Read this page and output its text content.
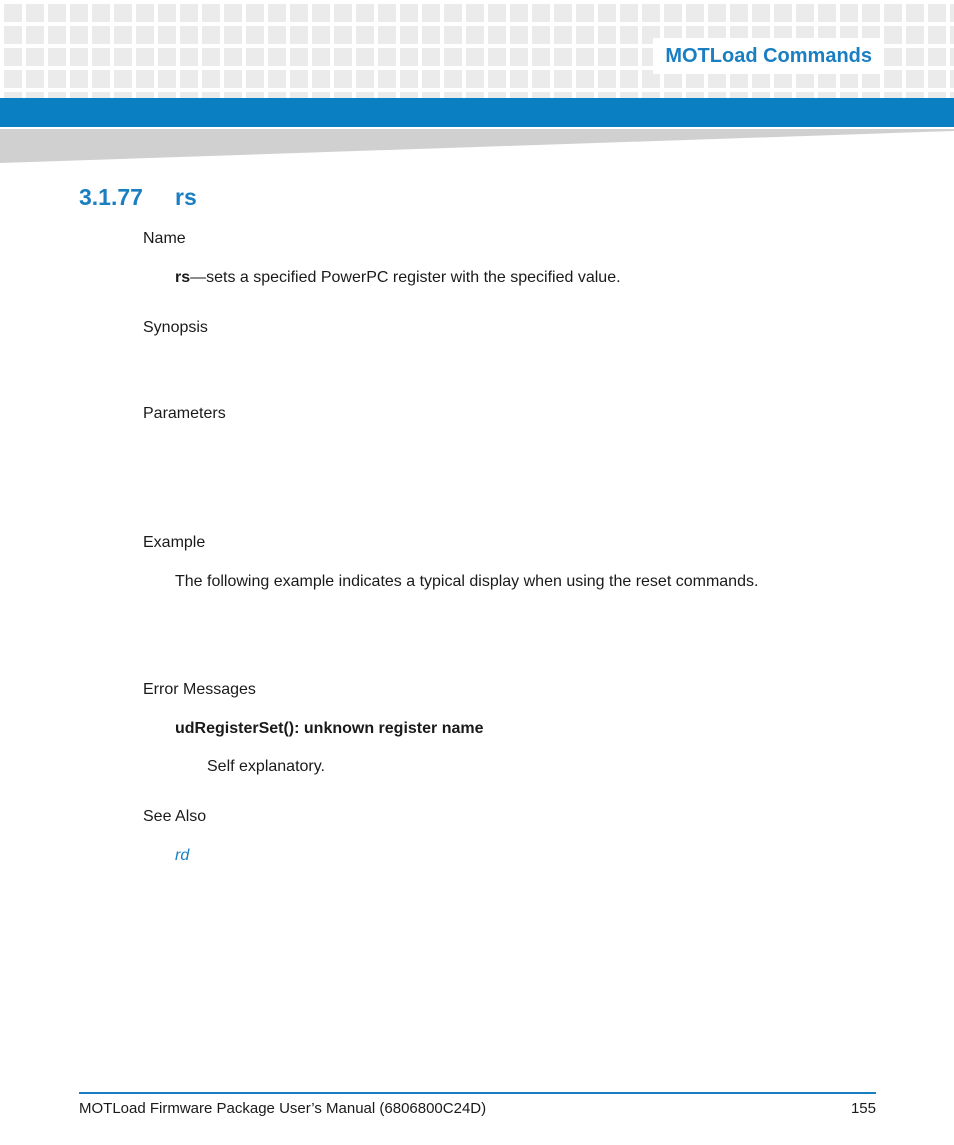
MOTLoad Commands
3.1.77 rs
Name
rs—sets a specified PowerPC register with the specified value.
Synopsis
Parameters
Example
The following example indicates a typical display when using the reset commands.
Error Messages
udRegisterSet(): unknown register name
Self explanatory.
See Also
rd
MOTLoad Firmware Package User’s Manual (6806800C24D)	155
